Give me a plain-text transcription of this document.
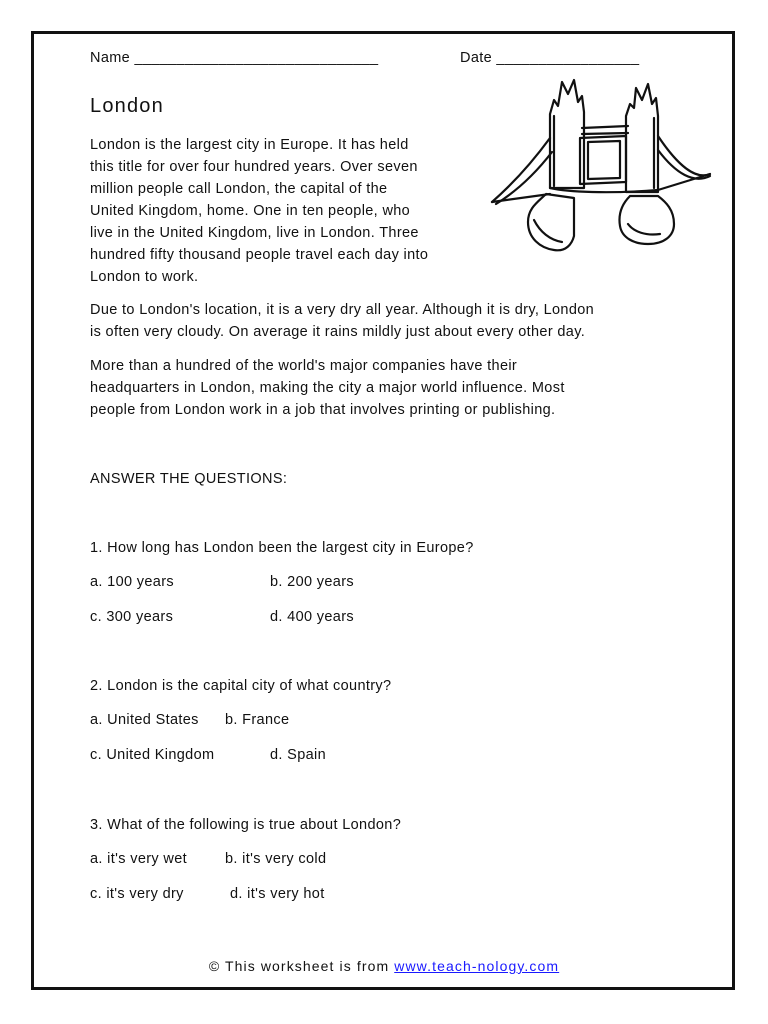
Name _____________________________	Date _________________
London
London is the largest city in Europe. It has held
this title for over four hundred years. Over seven
million people call London, the capital of the
United Kingdom, home. One in ten people, who
live in the United Kingdom, live in London. Three
hundred fifty thousand people travel each day into
London to work.
Due to London's location, it is a very dry all year. Although it is dry, London
is often very cloudy. On average it rains mildly just about every other day.
More than a hundred of the world's major companies have their
headquarters in London, making the city a major world influence. Most
people from London work in a job that involves printing or publishing.
ANSWER THE QUESTIONS:
1. How long has London been the largest city in Europe?
a. 100 years	b. 200 years
c. 300 years	d. 400 years
2. London is the capital city of what country?
a. United States b. France
c. United Kingdom	d. Spain
3. What of the following is true about London?
a. it's very wet	b. it's very cold
c. it's very dry	d. it's very hot
© This worksheet is from www.teach-nology.com
